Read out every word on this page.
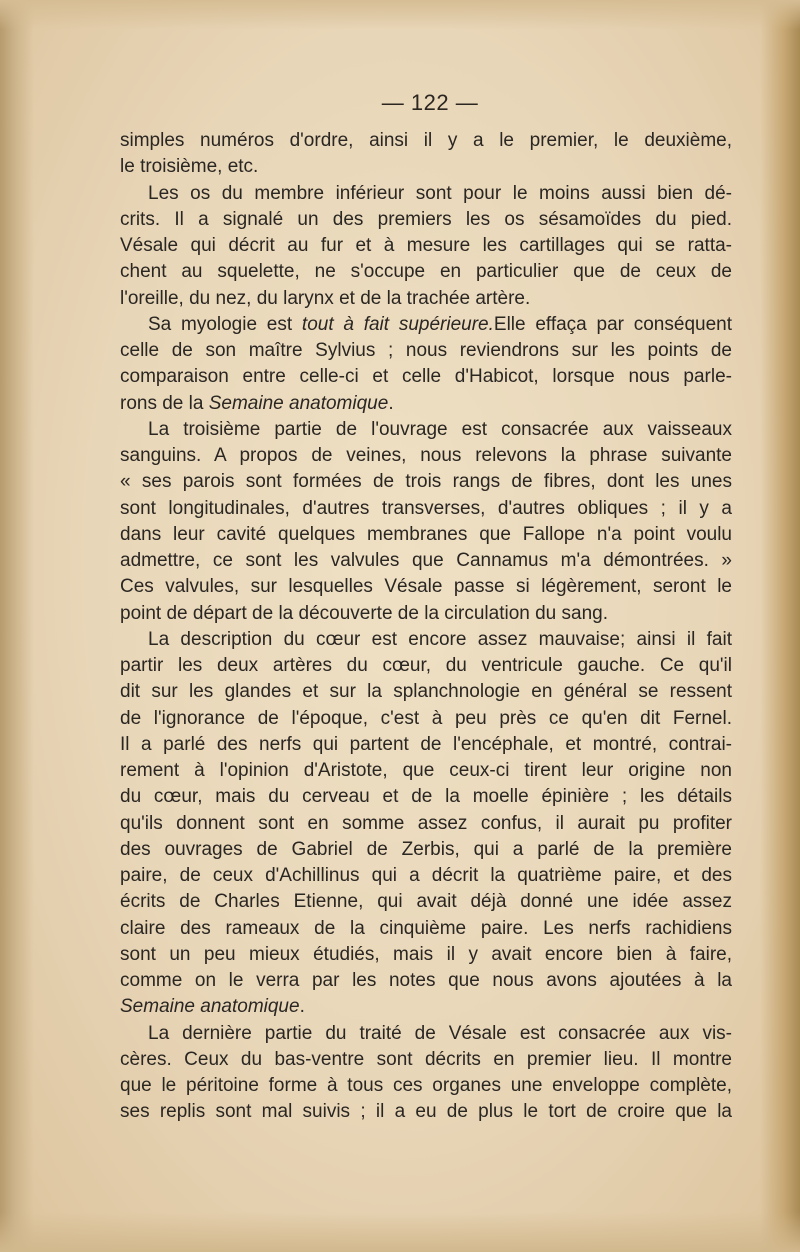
— 122 —
simples numéros d'ordre, ainsi il y a le premier, le deuxième,
le troisième, etc.
Les os du membre inférieur sont pour le moins aussi bien dé-
crits. Il a signalé un des premiers les os sésamoïdes du pied.
Vésale qui décrit au fur et à mesure les cartillages qui se ratta-
chent au squelette, ne s'occupe en particulier que de ceux de
l'oreille, du nez, du larynx et de la trachée artère.
Sa myologie est tout à fait supérieure.Elle effaça par conséquent
celle de son maître Sylvius ; nous reviendrons sur les points de
comparaison entre celle-ci et celle d'Habicot, lorsque nous parle-
rons de la Semaine anatomique.
La troisième partie de l'ouvrage est consacrée aux vaisseaux
sanguins. A propos de veines, nous relevons la phrase suivante
« ses parois sont formées de trois rangs de fibres, dont les unes
sont longitudinales, d'autres transverses, d'autres obliques ; il y a
dans leur cavité quelques membranes que Fallope n'a point voulu
admettre, ce sont les valvules que Cannamus m'a démontrées. »
Ces valvules, sur lesquelles Vésale passe si légèrement, seront le
point de départ de la découverte de la circulation du sang.
La description du cœur est encore assez mauvaise; ainsi il fait
partir les deux artères du cœur, du ventricule gauche. Ce qu'il
dit sur les glandes et sur la splanchnologie en général se ressent
de l'ignorance de l'époque, c'est à peu près ce qu'en dit Fernel.
Il a parlé des nerfs qui partent de l'encéphale, et montré, contrai-
rement à l'opinion d'Aristote, que ceux-ci tirent leur origine non
du cœur, mais du cerveau et de la moelle épinière ; les détails
qu'ils donnent sont en somme assez confus, il aurait pu profiter
des ouvrages de Gabriel de Zerbis, qui a parlé de la première
paire, de ceux d'Achillinus qui a décrit la quatrième paire, et des
écrits de Charles Etienne, qui avait déjà donné une idée assez
claire des rameaux de la cinquième paire. Les nerfs rachidiens
sont un peu mieux étudiés, mais il y avait encore bien à faire,
comme on le verra par les notes que nous avons ajoutées à la
Semaine anatomique.
La dernière partie du traité de Vésale est consacrée aux vis-
cères. Ceux du bas-ventre sont décrits en premier lieu. Il montre
que le péritoine forme à tous ces organes une enveloppe complète,
ses replis sont mal suivis ; il a eu de plus le tort de croire que la
